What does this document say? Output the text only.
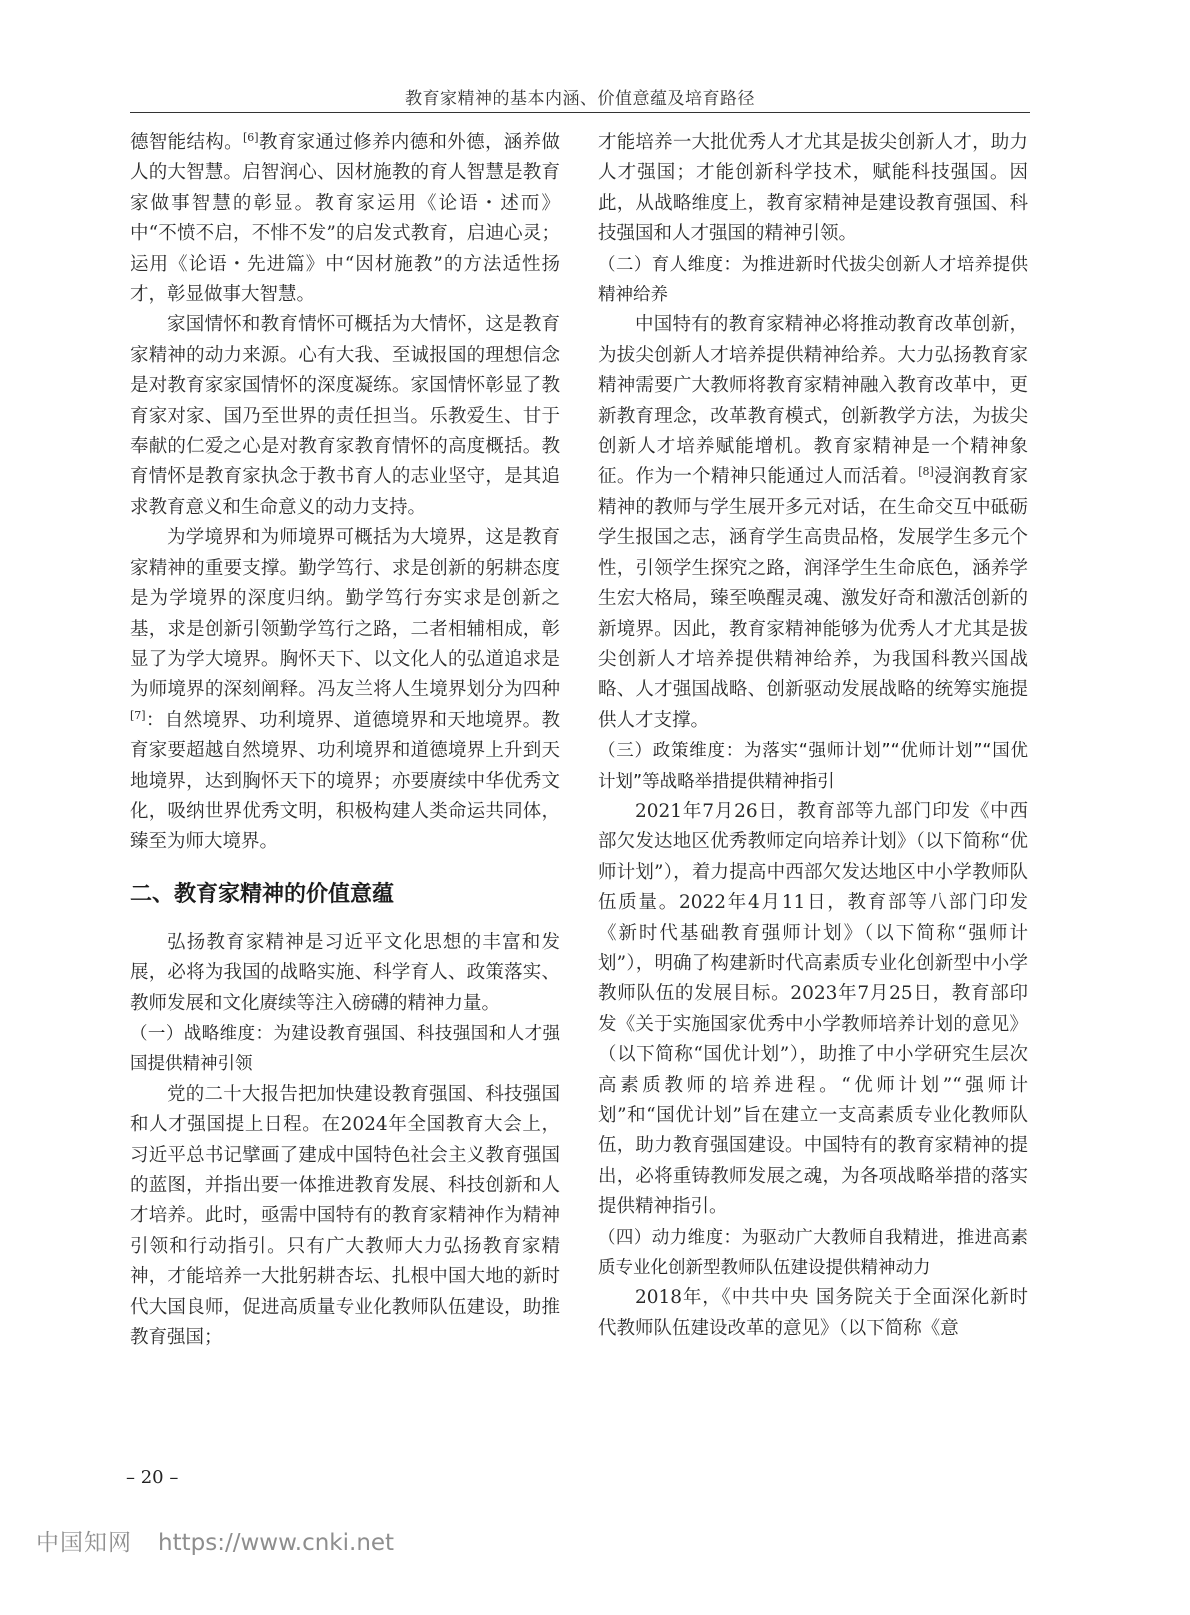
教育家精神的基本内涵、价值意蕴及培育路径

德智能结构。[6]教育家通过修养内德和外德，涵养做人的大智慧。启智润心、因材施教的育人智慧是教育家做事智慧的彰显。教育家运用《论语・述而》中“不愤不启，不悱不发”的启发式教育，启迪心灵；运用《论语・先进篇》中“因材施教”的方法适性扬才，彰显做事大智慧。

家国情怀和教育情怀可概括为大情怀，这是教育家精神的动力来源。心有大我、至诚报国的理想信念是对教育家家国情怀的深度凝练。家国情怀彰显了教育家对家、国乃至世界的责任担当。乐教爱生、甘于奉献的仁爱之心是对教育家教育情怀的高度概括。教育情怀是教育家执念于教书育人的志业坚守，是其追求教育意义和生命意义的动力支持。

为学境界和为师境界可概括为大境界，这是教育家精神的重要支撑。勤学笃行、求是创新的躬耕态度是为学境界的深度归纳。勤学笃行夯实求是创新之基，求是创新引领勤学笃行之路，二者相辅相成，彰显了为学大境界。胸怀天下、以文化人的弘道追求是为师境界的深刻阐释。冯友兰将人生境界划分为四种[7]：自然境界、功利境界、道德境界和天地境界。教育家要超越自然境界、功利境界和道德境界上升到天地境界，达到胸怀天下的境界；亦要赓续中华优秀文化，吸纳世界优秀文明，积极构建人类命运共同体，臻至为师大境界。

二、教育家精神的价值意蕴

弘扬教育家精神是习近平文化思想的丰富和发展，必将为我国的战略实施、科学育人、政策落实、教师发展和文化赓续等注入磅礴的精神力量。

（一）战略维度：为建设教育强国、科技强国和人才强国提供精神引领

党的二十大报告把加快建设教育强国、科技强国和人才强国提上日程。在2024年全国教育大会上，习近平总书记擘画了建成中国特色社会主义教育强国的蓝图，并指出要一体推进教育发展、科技创新和人才培养。此时，亟需中国特有的教育家精神作为精神引领和行动指引。只有广大教师大力弘扬教育家精神，才能培养一大批躬耕杏坛、扎根中国大地的新时代大国良师，促进高质量专业化教师队伍建设，助推教育强国；

才能培养一大批优秀人才尤其是拔尖创新人才，助力人才强国；才能创新科学技术，赋能科技强国。因此，从战略维度上，教育家精神是建设教育强国、科技强国和人才强国的精神引领。

（二）育人维度：为推进新时代拔尖创新人才培养提供精神给养

中国特有的教育家精神必将推动教育改革创新，为拔尖创新人才培养提供精神给养。大力弘扬教育家精神需要广大教师将教育家精神融入教育改革中，更新教育理念，改革教育模式，创新教学方法，为拔尖创新人才培养赋能增机。教育家精神是一个精神象征。作为一个精神只能通过人而活着。[8]浸润教育家精神的教师与学生展开多元对话，在生命交互中砥砺学生报国之志，涵育学生高贵品格，发展学生多元个性，引领学生探究之路，润泽学生生命底色，涵养学生宏大格局，臻至唤醒灵魂、激发好奇和激活创新的新境界。因此，教育家精神能够为优秀人才尤其是拔尖创新人才培养提供精神给养，为我国科教兴国战略、人才强国战略、创新驱动发展战略的统筹实施提供人才支撑。

（三）政策维度：为落实“强师计划”“优师计划”“国优计划”等战略举措提供精神指引

2021年7月26日，教育部等九部门印发《中西部欠发达地区优秀教师定向培养计划》（以下简称“优师计划”），着力提高中西部欠发达地区中小学教师队伍质量。2022年4月11日，教育部等八部门印发《新时代基础教育强师计划》（以下简称“强师计划”），明确了构建新时代高素质专业化创新型中小学教师队伍的发展目标。2023年7月25日，教育部印发《关于实施国家优秀中小学教师培养计划的意见》（以下简称“国优计划”），助推了中小学研究生层次高素质教师的培养进程。“优师计划”“强师计划”和“国优计划”旨在建立一支高素质专业化教师队伍，助力教育强国建设。中国特有的教育家精神的提出，必将重铸教师发展之魂，为各项战略举措的落实提供精神指引。

（四）动力维度：为驱动广大教师自我精进，推进高素质专业化创新型教师队伍建设提供精神动力

2018年，《中共中央 国务院关于全面深化新时代教师队伍建设改革的意见》（以下简称《意

– 20 –
中国知网 https://www.cnki.net
